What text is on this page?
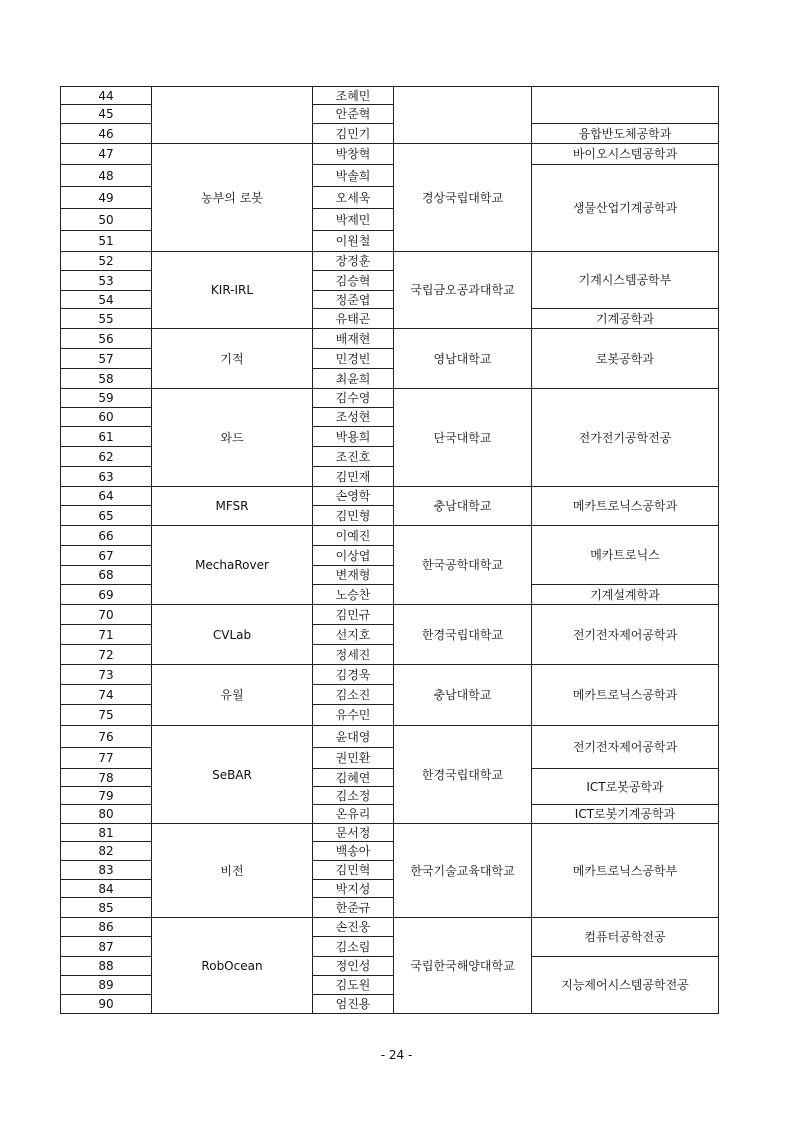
44		조혜민		
45		안준혁		
46		김민기		융합반도체공학과
47	농부의 로봇	박창혁	경상국립대학교	바이오시스템공학과
48		박솔희		생물산업기계공학과
49		오세욱		
50		박제민		
51		이원철		
52	KIR-IRL	장정훈	국립금오공과대학교	기계시스템공학부
53		김승혁		
54		정준엽		
55		유태곤		기계공학과
56	기적	배재현	영남대학교	로봇공학과
57		민경빈		
58		최윤희		
59	와드	김수영	단국대학교	전가전기공학전공
60		조성현		
61		박용희		
62		조진호		
63		김민재		
64	MFSR	손영학	충남대학교	메카트로닉스공학과
65		김민형		
66	MechaRover	이예진	한국공학대학교	메카트로닉스
67		이상엽		
68		변재형		
69		노승찬		기계설계학과
70	CVLab	김민규	한경국립대학교	전기전자제어공학과
71		선지호		
72		정세진		
73	유월	김경욱	충남대학교	메카트로닉스공학과
74		김소진		
75		유수민		
76	SeBAR	윤대영	한경국립대학교	전기전자제어공학과
77		권민환		
78		김혜연		ICT로봇공학과
79		김소정		
80		온유리		ICT로봇기계공학과
81	비전	문서정	한국기술교육대학교	메카트로닉스공학부
82		백송아		
83		김민혁		
84		박지성		
85		한준규		
86	RobOcean	손진웅	국립한국해양대학교	컴퓨터공학전공
87		김소림		
88		정인성		지능제어시스템공학전공
89		김도원		
90		엄진용		
- 24 -
